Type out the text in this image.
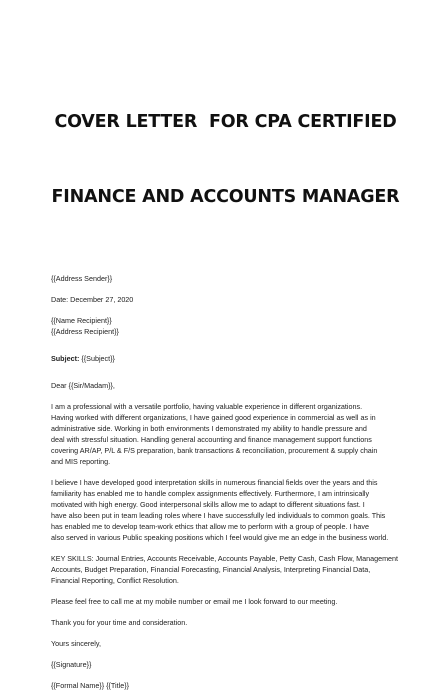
COVER LETTER  FOR CPA CERTIFIED

FINANCE AND ACCOUNTS MANAGER

{{Address Sender}}
Date: December 27, 2020
{{Name Recipient}}
{{Address Recipient}}
Subject: {{Subject}}
Dear {{Sir/Madam}},
I am a professional with a versatile portfolio, having valuable experience in different organizations.
Having worked with different organizations, I have gained good experience in commercial as well as in
administrative side. Working in both environments I demonstrated my ability to handle pressure and
deal with stressful situation. Handling general accounting and finance management support functions
covering AR/AP, P/L & F/S preparation, bank transactions & reconciliation, procurement & supply chain
and MIS reporting.
I believe I have developed good interpretation skills in numerous financial fields over the years and this
familiarity has enabled me to handle complex assignments effectively. Furthermore, I am intrinsically
motivated with high energy. Good interpersonal skills allow me to adapt to different situations fast. I
have also been put in team leading roles where I have successfully led individuals to common goals. This
has enabled me to develop team-work ethics that allow me to perform with a group of people. I have
also served in various Public speaking positions which I feel would give me an edge in the business world.
KEY SKILLS: Journal Entries, Accounts Receivable, Accounts Payable, Petty Cash, Cash Flow, Management
Accounts, Budget Preparation, Financial Forecasting, Financial Analysis, Interpreting Financial Data,
Financial Reporting, Conflict Resolution.
Please feel free to call me at my mobile number or email me I look forward to our meeting.
Thank you for your time and consideration.
Yours sincerely,
{{Signature}}
{{Formal Name}} {{Title}}
